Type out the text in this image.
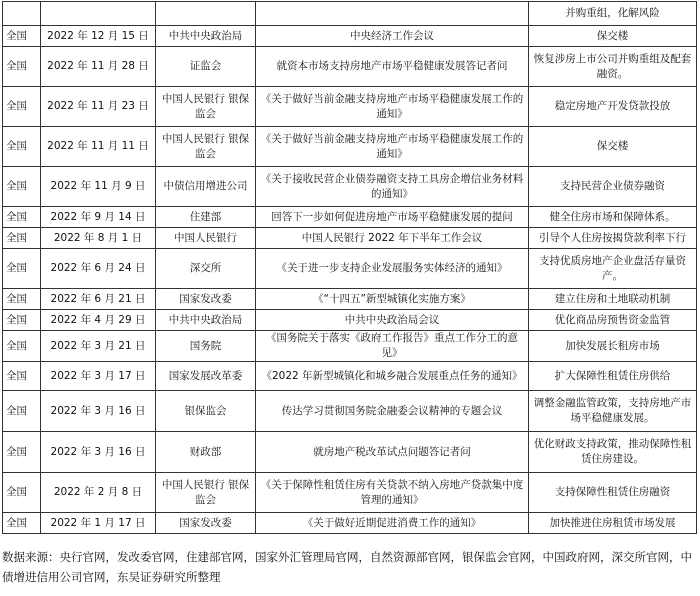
				并购重组，化解风险
全国	2022 年 12 月 15 日	中共中央政治局	中央经济工作会议	保交楼
全国	2022 年 11 月 28 日	证监会	就资本市场支持房地产市场平稳健康发展答记者问	恢复涉房上市公司并购重组及配套融资。
全国	2022 年 11 月 23 日	中国人民银行 银保监会	《关于做好当前金融支持房地产市场平稳健康发展工作的通知》	稳定房地产开发贷款投放
全国	2022 年 11 月 11 日	中国人民银行 银保监会	《关于做好当前金融支持房地产市场平稳健康发展工作的通知》	保交楼
全国	2022 年 11 月 9 日	中债信用增进公司	《关于接收民营企业债券融资支持工具房企增信业务材料的通知》	支持民营企业债券融资
全国	2022 年 9 月 14 日	住建部	回答下一步如何促进房地产市场平稳健康发展的提问	健全住房市场和保障体系。
全国	2022 年 8 月 1 日	中国人民银行	中国人民银行 2022 年下半年工作会议	引导个人住房按揭贷款利率下行
全国	2022 年 6 月 24 日	深交所	《关于进一步支持企业发展服务实体经济的通知》	支持优质房地产企业盘活存量资产。
全国	2022 年 6 月 21 日	国家发改委	《“十四五”新型城镇化实施方案》	建立住房和土地联动机制
全国	2022 年 4 月 29 日	中共中央政治局	中共中央政治局会议	优化商品房预售资金监管
全国	2022 年 3 月 21 日	国务院	《国务院关于落实《政府工作报告》重点工作分工的意见》	加快发展长租房市场
全国	2022 年 3 月 17 日	国家发展改革委	《2022 年新型城镇化和城乡融合发展重点任务的通知》	扩大保障性租赁住房供给
全国	2022 年 3 月 16 日	银保监会	传达学习贯彻国务院金融委会议精神的专题会议	调整金融监管政策，支持房地产市场平稳健康发展。
全国	2022 年 3 月 16 日	财政部	就房地产税改革试点问题答记者问	优化财政支持政策，推动保障性租赁住房建设。
全国	2022 年 2 月 8 日	中国人民银行 银保监会	《关于保障性租赁住房有关贷款不纳入房地产贷款集中度管理的通知》	支持保障性租赁住房融资
全国	2022 年 1 月 17 日	国家发改委	《关于做好近期促进消费工作的通知》	加快推进住房租赁市场发展
数据来源：央行官网，发改委官网，住建部官网，国家外汇管理局官网，自然资源部官网，银保监会官网，中国政府网，深交所官网，中债增进信用公司官网，东吴证券研究所整理
